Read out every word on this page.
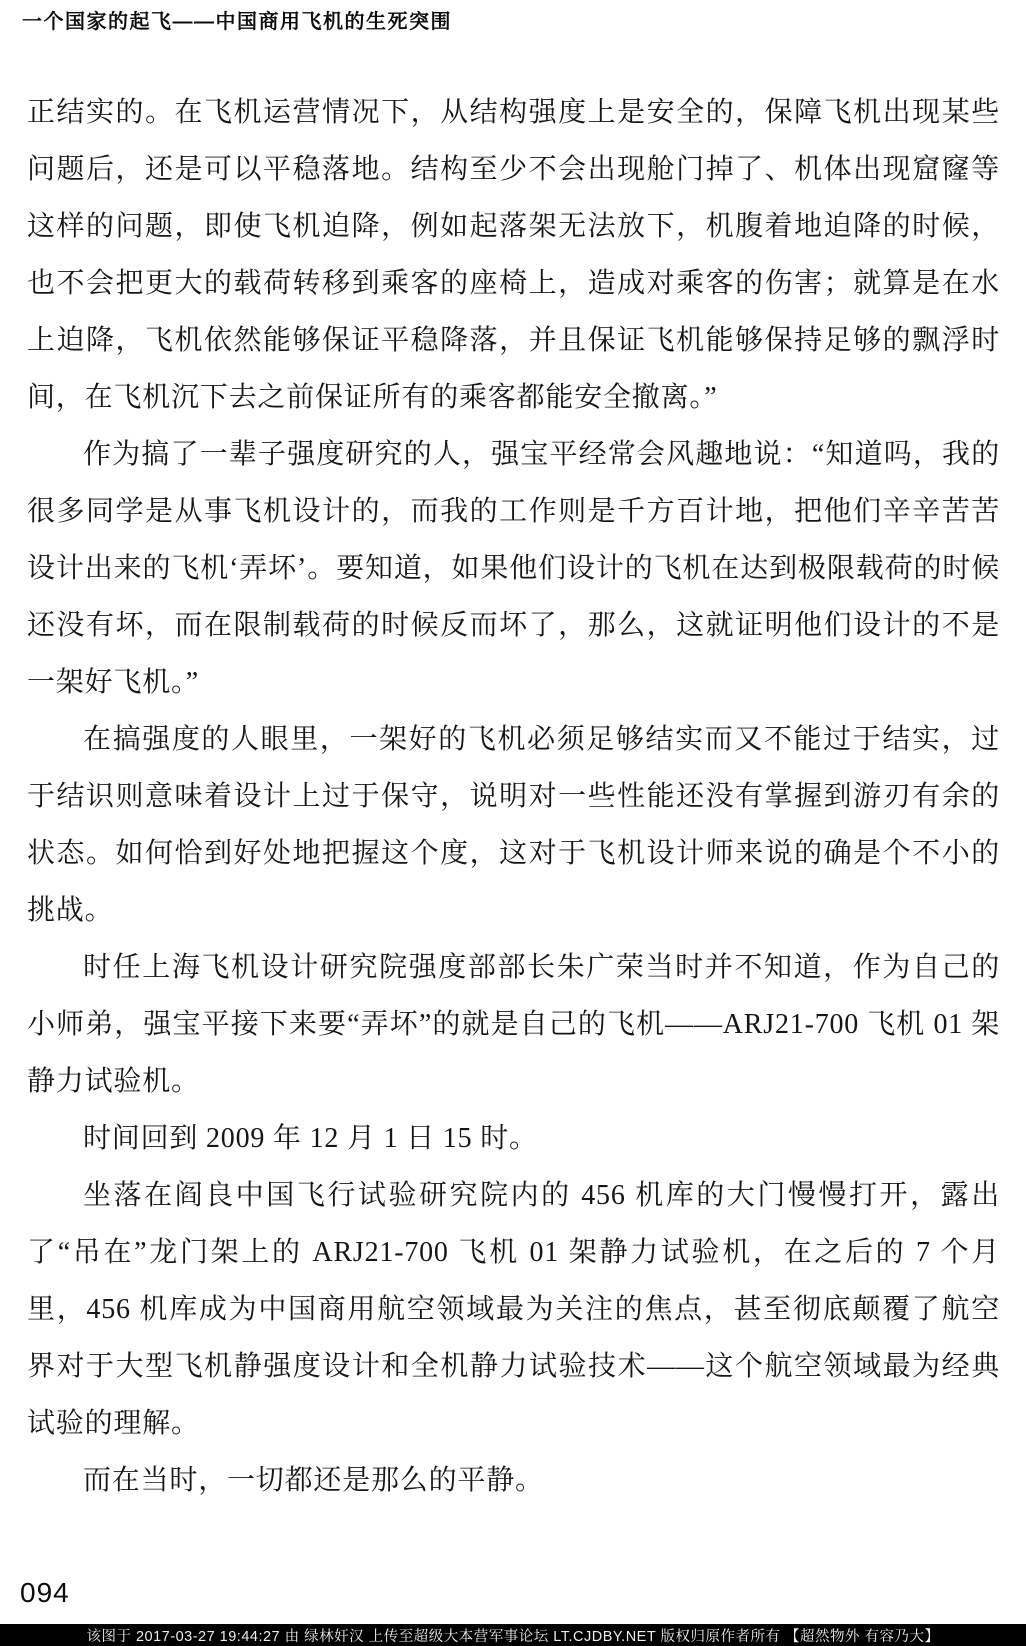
一个国家的起飞——中国商用飞机的生死突围

正结实的。在飞机运营情况下，从结构强度上是安全的，保障飞机出现某些问题后，还是可以平稳落地。结构至少不会出现舱门掉了、机体出现窟窿等这样的问题，即使飞机迫降，例如起落架无法放下，机腹着地迫降的时候，也不会把更大的载荷转移到乘客的座椅上，造成对乘客的伤害；就算是在水上迫降，飞机依然能够保证平稳降落，并且保证飞机能够保持足够的飘浮时间，在飞机沉下去之前保证所有的乘客都能安全撤离。”

作为搞了一辈子强度研究的人，强宝平经常会风趣地说：“知道吗，我的很多同学是从事飞机设计的，而我的工作则是千方百计地，把他们辛辛苦苦设计出来的飞机‘弄坏’。要知道，如果他们设计的飞机在达到极限载荷的时候还没有坏，而在限制载荷的时候反而坏了，那么，这就证明他们设计的不是一架好飞机。”

在搞强度的人眼里，一架好的飞机必须足够结实而又不能过于结实，过于结识则意味着设计上过于保守，说明对一些性能还没有掌握到游刃有余的状态。如何恰到好处地把握这个度，这对于飞机设计师来说的确是个不小的挑战。

时任上海飞机设计研究院强度部部长朱广荣当时并不知道，作为自己的小师弟，强宝平接下来要“弄坏”的就是自己的飞机——ARJ21-700 飞机 01 架静力试验机。

时间回到 2009 年 12 月 1 日 15 时。

坐落在阎良中国飞行试验研究院内的 456 机库的大门慢慢打开，露出了“吊在”龙门架上的 ARJ21-700 飞机 01 架静力试验机，在之后的 7 个月里，456 机库成为中国商用航空领域最为关注的焦点，甚至彻底颠覆了航空界对于大型飞机静强度设计和全机静力试验技术——这个航空领域最为经典试验的理解。

而在当时，一切都还是那么的平静。

094
该图于 2017-03-27 19:44:27 由 绿林奸汉 上传至超级大本营军事论坛 LT.CJDBY.NET 版权归原作者所有 【超然物外 有容乃大】
